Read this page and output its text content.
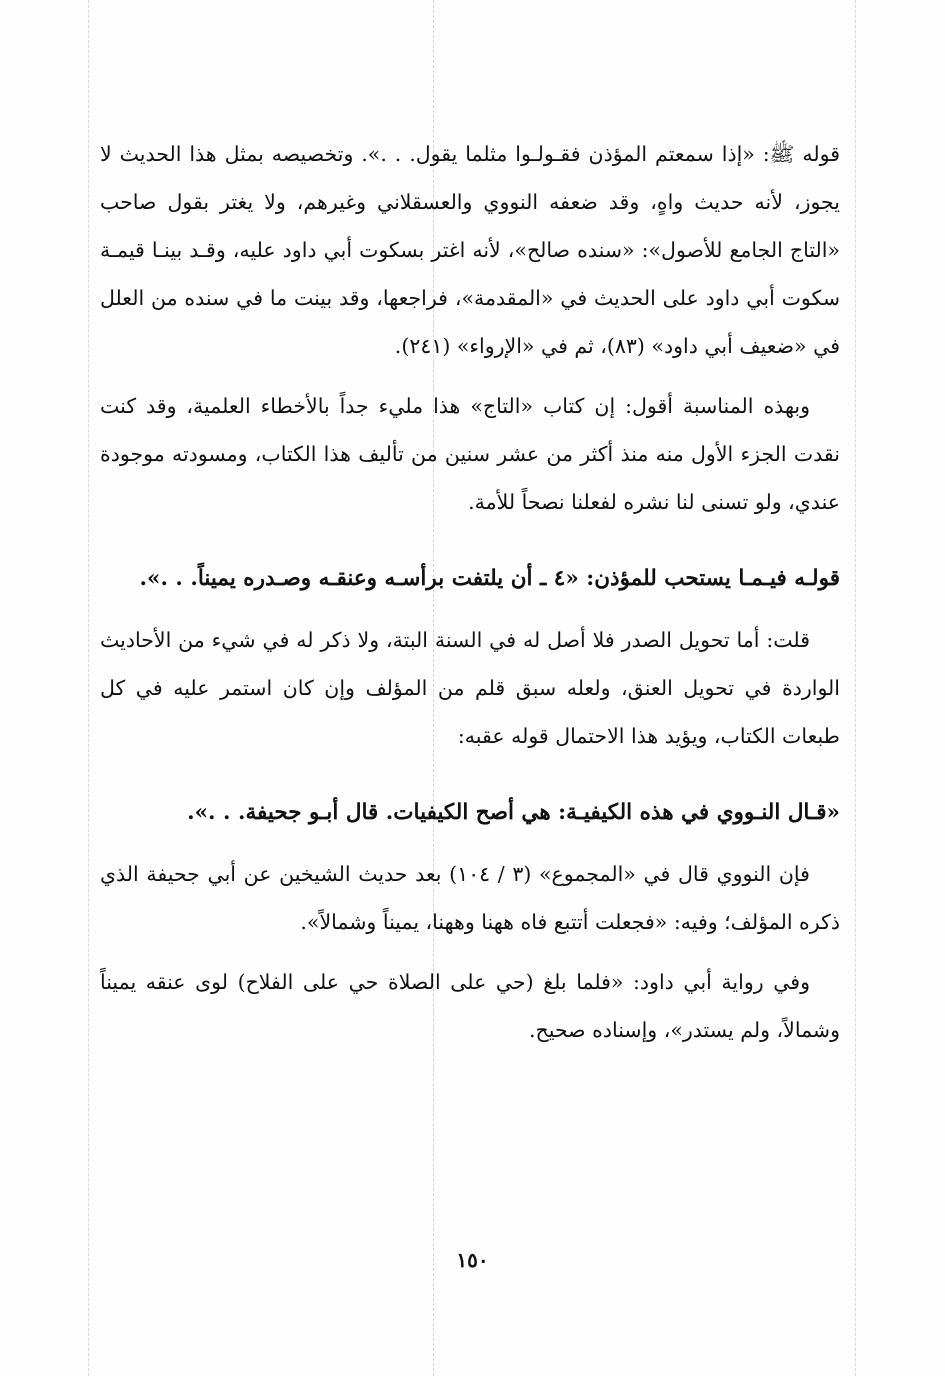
قوله ﷺ: «إذا سمعتم المؤذن فقـولـوا مثلما يقول. . .». وتخصيصه بمثل هذا الحديث لا يجوز، لأنه حديث واهٍ، وقد ضعفه النووي والعسقلاني وغيرهم، ولا يغتر بقول صاحب «التاج الجامع للأصول»: «سنده صالح»، لأنه اغتر بسكوت أبي داود عليه، وقـد بينـا قيمـة سكوت أبي داود على الحديث في «المقدمة»، فراجعها، وقد بينت ما في سنده من العلل في «ضعيف أبي داود» (٨٣)، ثم في «الإرواء» (٢٤١).

وبهذه المناسبة أقول: إن كتاب «التاج» هذا مليء جداً بالأخطاء العلمية، وقد كنت نقدت الجزء الأول منه منذ أكثر من عشر سنين من تأليف هذا الكتاب، ومسودته موجودة عندي، ولو تسنى لنا نشره لفعلنا نصحاً للأمة.

قولـه فيـمـا يستحب للمؤذن: «٤ ـ أن يلتفت برأسـه وعنقـه وصـدره يميناً. . .».

قلت: أما تحويل الصدر فلا أصل له في السنة البتة، ولا ذكر له في شيء من الأحاديث الواردة في تحويل العنق، ولعله سبق قلم من المؤلف وإن كان استمر عليه في كل طبعات الكتاب، ويؤيد هذا الاحتمال قوله عقبه:

«قـال النـووي في هذه الكيفيـة: هي أصح الكيفيات. قال أبـو جحيفة. . .».

فإن النووي قال في «المجموع» (٣ / ١٠٤) بعد حديث الشيخين عن أبي جحيفة الذي ذكره المؤلف؛ وفيه: «فجعلت أتتبع فاه ههنا وههنا، يميناً وشمالاً».

وفي رواية أبي داود: «فلما بلغ (حي على الصلاة حي على الفلاح) لوى عنقه يميناً وشمالاً، ولم يستدر»، وإسناده صحيح.

١٥٠
